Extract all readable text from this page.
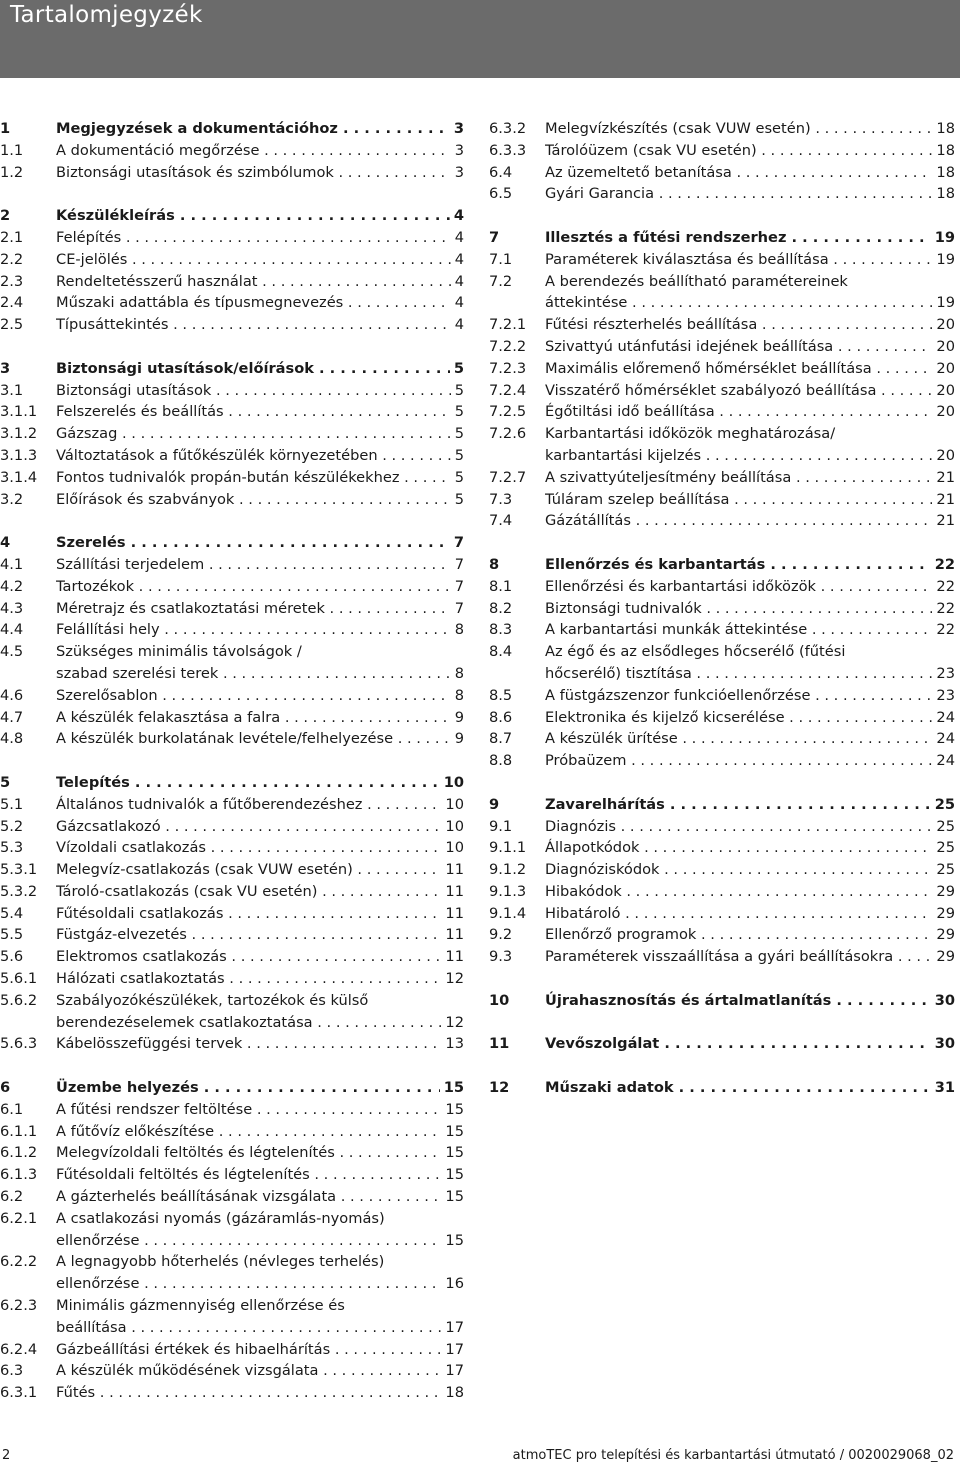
Tartalomjegyzék
1	Megjegyzések a dokumentációhoz . . .	3
1.1 A dokumentáció megőrzése . . .	3
1.2 Biztonsági utasítások és szimbólumok . . .	3
2	Készülékleírás . . .	4
2.1 Felépítés . . .	4
2.2 CE-jelölés . . .	4
2.3 Rendeltetésszerű használat . . .	4
2.4 Műszaki adattábla és típusmegnevezés . . .	4
2.5 Típusáttekintés . . .	4
3	Biztonsági utasítások/előírások . . .	5
3.1 Biztonsági utasítások . . .	5
3.1.1 Felszerelés és beállítás . . .	5
3.1.2 Gázszag . . .	5
3.1.3 Változtatások a fűtőkészülék környezetében . . .	5
3.1.4 Fontos tudnivalók propán-bután készülékekhez . . .	5
3.2 Előírások és szabványok . . .	5
4	Szerelés . . .	7
4.1 Szállítási terjedelem . . .	7
4.2 Tartozékok . . .	7
4.3 Méretrajz és csatlakoztatási méretek . . .	7
4.4 Felállítási hely . . .	8
4.5 Szükséges minimális távolságok /
szabad szerelési terek . . .	8
4.6 Szerelősablon . . .	8
4.7 A készülék felakasztása a falra . . .	9
4.8 A készülék burkolatának levétele/felhelyezése . . .	9
5	Telepítés . . .	10
5.1 Általános tudnivalók a fűtőberendezéshez . . .	10
5.2 Gázcsatlakozó . . .	10
5.3 Vízoldali csatlakozás . . .	10
5.3.1 Melegvíz-csatlakozás (csak VUW esetén) . . .	11
5.3.2 Tároló-csatlakozás (csak VU esetén) . . .	11
5.4 Fűtésoldali csatlakozás . . .	11
5.5 Füstgáz-elvezetés . . .	11
5.6 Elektromos csatlakozás . . .	11
5.6.1 Hálózati csatlakoztatás . . .	12
5.6.2 Szabályozókészülékek, tartozékok és külső
berendezéselemek csatlakoztatása . . .	12
5.6.3 Kábelösszefüggési tervek . . .	13
6	Üzembe helyezés . . .	15
6.1 A fűtési rendszer feltöltése . . .	15
6.1.1 A fűtővíz előkészítése . . .	15
6.1.2 Melegvízoldali feltöltés és légtelenítés . . .	15
6.1.3 Fűtésoldali feltöltés és légtelenítés . . .	15
6.2 A gázterhelés beállításának vizsgálata . . .	15
6.2.1 A csatlakozási nyomás (gázáramlás-nyomás)
ellenőrzése . . .	15
6.2.2 A legnagyobb hőterhelés (névleges terhelés)
ellenőrzése . . .	16
6.2.3 Minimális gázmennyiség ellenőrzése és
beállítása . . .	17
6.2.4 Gázbeállítási értékek és hibaelhárítás . . .	17
6.3 A készülék működésének vizsgálata . . .	17
6.3.1 Fűtés . . .	18
6.3.2 Melegvízkészítés (csak VUW esetén) . . .	18
6.3.3 Tárolóüzem (csak VU esetén) . . .	18
6.4 Az üzemeltető betanítása . . .	18
6.5 Gyári Garancia . . .	18
7	Illesztés a fűtési rendszerhez . . .	19
7.1 Paraméterek kiválasztása és beállítása . . .	19
7.2 A berendezés beállítható paramétereinek
áttekintése . . .	19
7.2.1 Fűtési részterhelés beállítása . . .	20
7.2.2 Szivattyú utánfutási idejének beállítása . . .	20
7.2.3 Maximális előremenő hőmérséklet beállítása . . .	20
7.2.4 Visszatérő hőmérséklet szabályozó beállítása . . .	20
7.2.5 Égőtiltási idő beállítása . . .	20
7.2.6 Karbantartási időközök meghatározása/
karbantartási kijelzés . . .	20
7.2.7 A szivattyúteljesítmény beállítása . . .	21
7.3 Túláram szelep beállítása . . .	21
7.4 Gázátállítás . . .	21
8	Ellenőrzés és karbantartás . . .	22
8.1 Ellenőrzési és karbantartási időközök . . .	22
8.2 Biztonsági tudnivalók . . .	22
8.3 A karbantartási munkák áttekintése . . .	22
8.4 Az égő és az elsődleges hőcserélő (fűtési
hőcserélő) tisztítása . . .	23
8.5 A füstgázszenzor funkcióellenőrzése . . .	23
8.6 Elektronika és kijelző kicserélése . . .	24
8.7 A készülék ürítése . . .	24
8.8 Próbaüzem . . .	24
9	Zavarelhárítás . . .	25
9.1 Diagnózis . . .	25
9.1.1 Állapotkódok . . .	25
9.1.2 Diagnóziskódok . . .	25
9.1.3 Hibakódok . . .	29
9.1.4 Hibatároló . . .	29
9.2 Ellenőrző programok . . .	29
9.3 Paraméterek visszaállítása a gyári beállításokra . . .	29
10 Újrahasznosítás és ártalmatlanítás . . .	30
11 Vevőszolgálat . . .	30
12 Műszaki adatok . . .	31
2	atmoTEC pro telepítési és karbantartási útmutató / 0020029068_02
